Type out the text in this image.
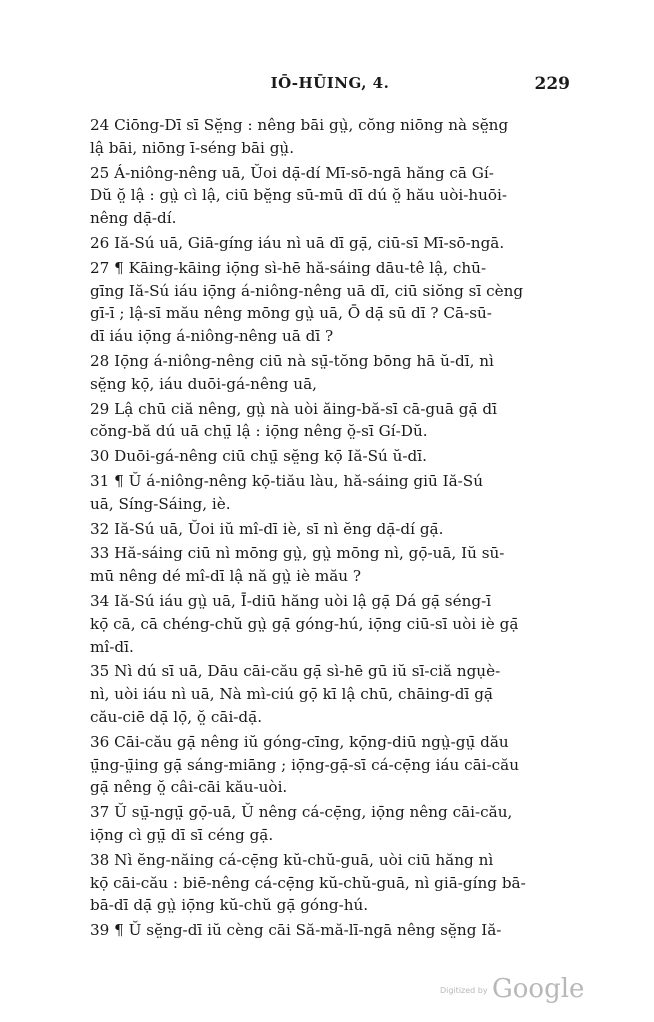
IŌ-HŪING, 4.	229
24 Ciōng-Dī sī Sĕ̤ng : nêng bāi gṳ̀, cŏng niōng nà sĕ̤ng
lậ bāi, niōng ī-séng bāi gṳ̀.
25 Á-niông-nêng uā, Ŭoi dạ̄-dí Mī-sō-ngā hăng cā Gí-
Dŭ ŏ̤ lậ : gṳ̀ cì lậ, ciū bĕ̤ng sū-mū dī dú ŏ̤ hău uòi-huōi-
nêng dạ̄-dí.
26 Iă-Sú uā, Giā-gíng iáu nì uā dī gạ̄, ciū-sī Mī-sō-ngā.
27 ¶ Kāing-kāing iọ̄ng sì-hē hă-sáing dāu-tê lậ, chū-
gīng Iă-Sú iáu iọ̄ng á-niông-nêng uā dī, ciū siŏng sī cèng
gī-ī ; lậ-sī mău nêng mōng gṳ̀ uā, Ō dạ̄ sū dī ? Cā-sū-
dī iáu iọ̄ng á-niông-nêng uā dī ?
28 Iọ̄ng á-niông-nêng ciū nà sṳ̄-tŏng bōng hā ŭ-dī, nì
sĕ̤ng kọ̄, iáu duōi-gá-nêng uā,
29 Lậ chū ciă nêng, gṳ̀ nà uòi ăing-bă-sī cā-guā gạ̄ dī
cŏng-bă dú uā chṳ̄ lậ : iọ̄ng nêng ŏ̤-sī Gí-Dŭ.
30 Duōi-gá-nêng ciū chṳ̄ sĕ̤ng kọ̄ Iă-Sú ŭ-dī.
31 ¶ Ŭ á-niông-nêng kọ̄-tiău làu, hă-sáing giū Iă-Sú
uā, Síng-Sáing, iè.
32 Iă-Sú uā, Ŭoi iŭ mî-dī iè, sī nì ĕng dạ̄-dí gạ̄.
33 Hă-sáing ciū nì mōng gṳ̀, gṳ̀ mōng nì, gọ̄-uā, Iŭ sū-
mū nêng dé mî-dī lậ nă gṳ̀ iè mău ?
34 Iă-Sú iáu gṳ̀ uā, Ī-diū hăng uòi lậ gạ̄ Dá gạ̄ séng-ī
kọ̄ cā, cā chéng-chŭ gṳ̀ gạ̄ góng-hú, iọ̄ng ciū-sī uòi iè gạ̄
mî-dī.
35 Nì dú sī uā, Dāu cāi-cău gạ̄ sì-hē gū iŭ sī-ciă ngụè-
nì, uòi iáu nì uā, Nà mì-ciú gọ̄ kī lậ chū, chāing-dī gạ̄
cău-ciē dạ̄ lọ̄, ŏ̤ cāi-dạ̄.
36 Cāi-cău gạ̄ nêng iŭ góng-cīng, kọ̄ng-diū ngṳ̀-gṳ̄ dău
ṳ̄ng-ṳ̄ing gạ̄ sáng-miāng ; iọ̄ng-gạ̄-sī cá-cẹ̄ng iáu cāi-cău
gạ̄ nêng ŏ̤ câi-cāi kău-uòi.
37 Ŭ sṳ̄-ngṳ̄ gọ̄-uā, Ŭ nêng cá-cẹ̄ng, iọ̄ng nêng cāi-cău,
iọ̄ng cì gṳ̄ dī sī céng gạ̄.
38 Nì ĕng-năing cá-cẹ̄ng kŭ-chŭ-guā, uòi ciū hăng nì
kọ̄ cāi-cău : biē-nêng cá-cẹ̄ng kŭ-chŭ-guā, nì giā-gíng bā-
bā-dī dạ̄ gṳ̀ iọ̄ng kŭ-chŭ gạ̄ góng-hú.
39 ¶ Ŭ sĕ̤ng-dī iŭ cèng cāi Să-mă-lī-ngā nêng sĕ̤ng Iă-
Digitized by Google
